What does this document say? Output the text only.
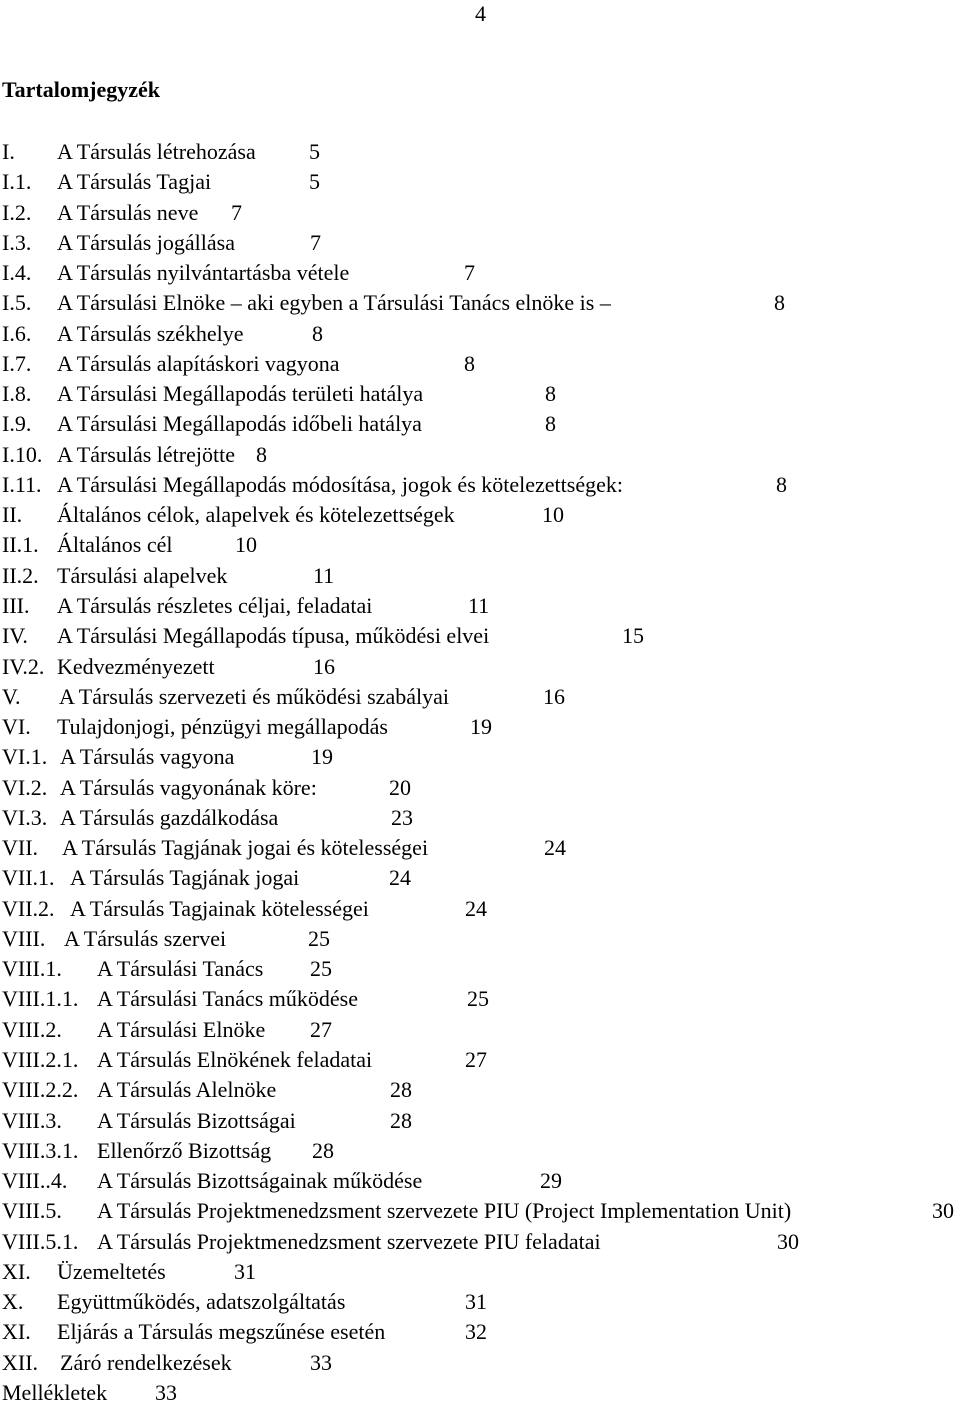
4
Tartalomjegyzék
I. A Társulás létrehozása 5
I.1. A Társulás Tagjai	5
I.2. A Társulás neve 7
I.3. A Társulás jogállása	7
I.4. A Társulás nyilvántartásba vétele	7
I.5. A Társulási Elnöke – aki egyben a Társulási Tanács elnöke is –	8
I.6. A Társulás székhelye	8
I.7. A Társulás alapításkori vagyona	8
I.8. A Társulási Megállapodás területi hatálya	8
I.9. A Társulási Megállapodás időbeli hatálya	8
I.10. A Társulás létrejötte 8
I.11. A Társulási Megállapodás módosítása, jogok és kötelezettségek:	8
II. Általános célok, alapelvek és kötelezettségek	10
II.1. Általános cél	10
II.2. Társulási alapelvek	11
III. A Társulás részletes céljai, feladatai	11
IV. A Társulási Megállapodás típusa, működési elvei	15
IV.2. Kedvezményezett	16
V. A Társulás szervezeti és működési szabályai	16
VI. Tulajdonjogi, pénzügyi megállapodás	19
VI.1. A Társulás vagyona	19
VI.2. A Társulás vagyonának köre:	20
VI.3. A Társulás gazdálkodása	23
VII. A Társulás Tagjának jogai és kötelességei	24
VII.1. A Társulás Tagjának jogai	24
VII.2. A Társulás Tagjainak kötelességei	24
VIII. A Társulás szervei	25
VIII.1. A Társulási Tanács 25
VIII.1.1. A Társulási Tanács működése	25
VIII.2. A Társulási Elnöke 27
VIII.2.1. A Társulás Elnökének feladatai	27
VIII.2.2. A Társulás Alelnöke	28
VIII.3. A Társulás Bizottságai	28
VIII.3.1. Ellenőrző Bizottság 28
VIII..4. A Társulás Bizottságainak működése	29
VIII.5. A Társulás Projektmenedzsment szervezete PIU (Project Implementation Unit)	30
VIII.5.1. A Társulás Projektmenedzsment szervezete PIU feladatai	30
XI. Üzemeltetés	31
X. Együttműködés, adatszolgáltatás	31
XI. Eljárás a Társulás megszűnése esetén	32
XII. Záró rendelkezések	33
Mellékletek 33
